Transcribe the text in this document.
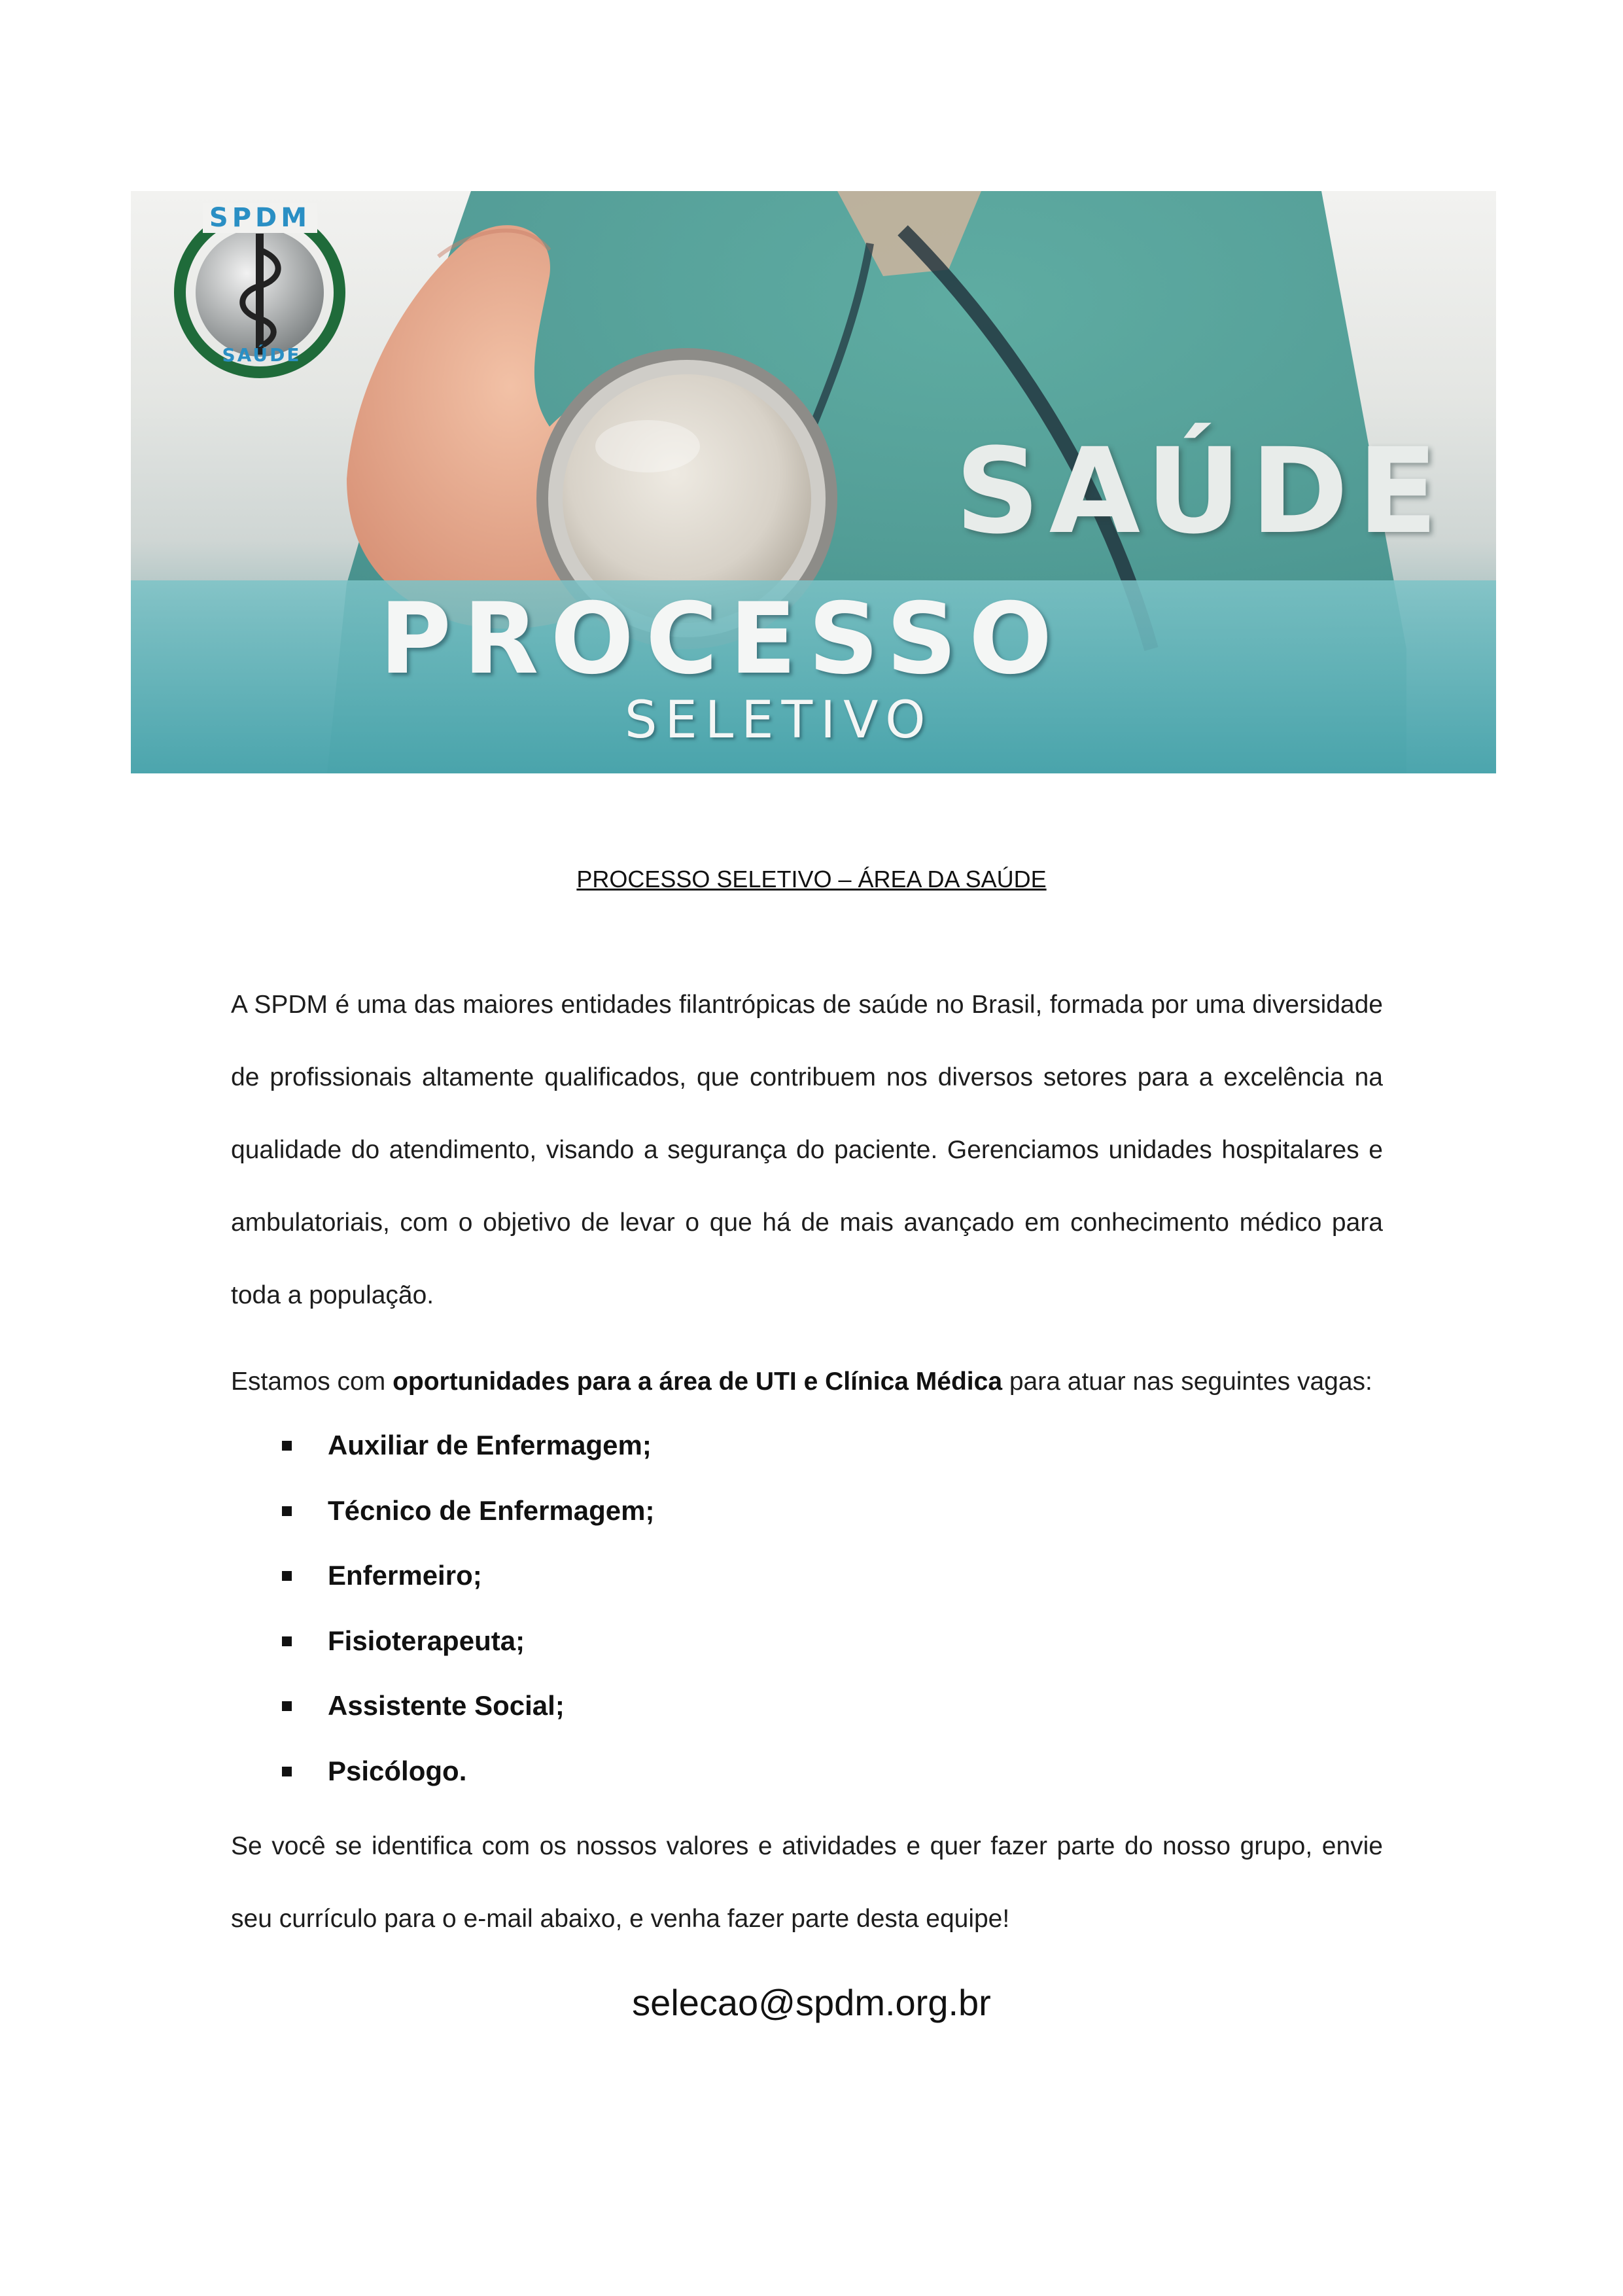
SPDM
SAÚDE

SAÚDE

PROCESSO

SELETIVO

PROCESSO SELETIVO – ÁREA DA SAÚDE

A SPDM é uma das maiores entidades filantrópicas de saúde no Brasil, formada por uma diversidade de profissionais altamente qualificados, que contribuem nos diversos setores para a excelência na qualidade do atendimento, visando a segurança do paciente. Gerenciamos unidades hospitalares e ambulatoriais, com o objetivo de levar o que há de mais avançado em conhecimento médico para toda a população.

Estamos com oportunidades para a área de UTI e Clínica Médica para atuar nas seguintes vagas:

Auxiliar de Enfermagem;
Técnico de Enfermagem;
Enfermeiro;
Fisioterapeuta;
Assistente Social;
Psicólogo.

Se você se identifica com os nossos valores e atividades e quer fazer parte do nosso grupo, envie seu currículo para o e-mail abaixo, e venha fazer parte desta equipe!

selecao@spdm.org.br
